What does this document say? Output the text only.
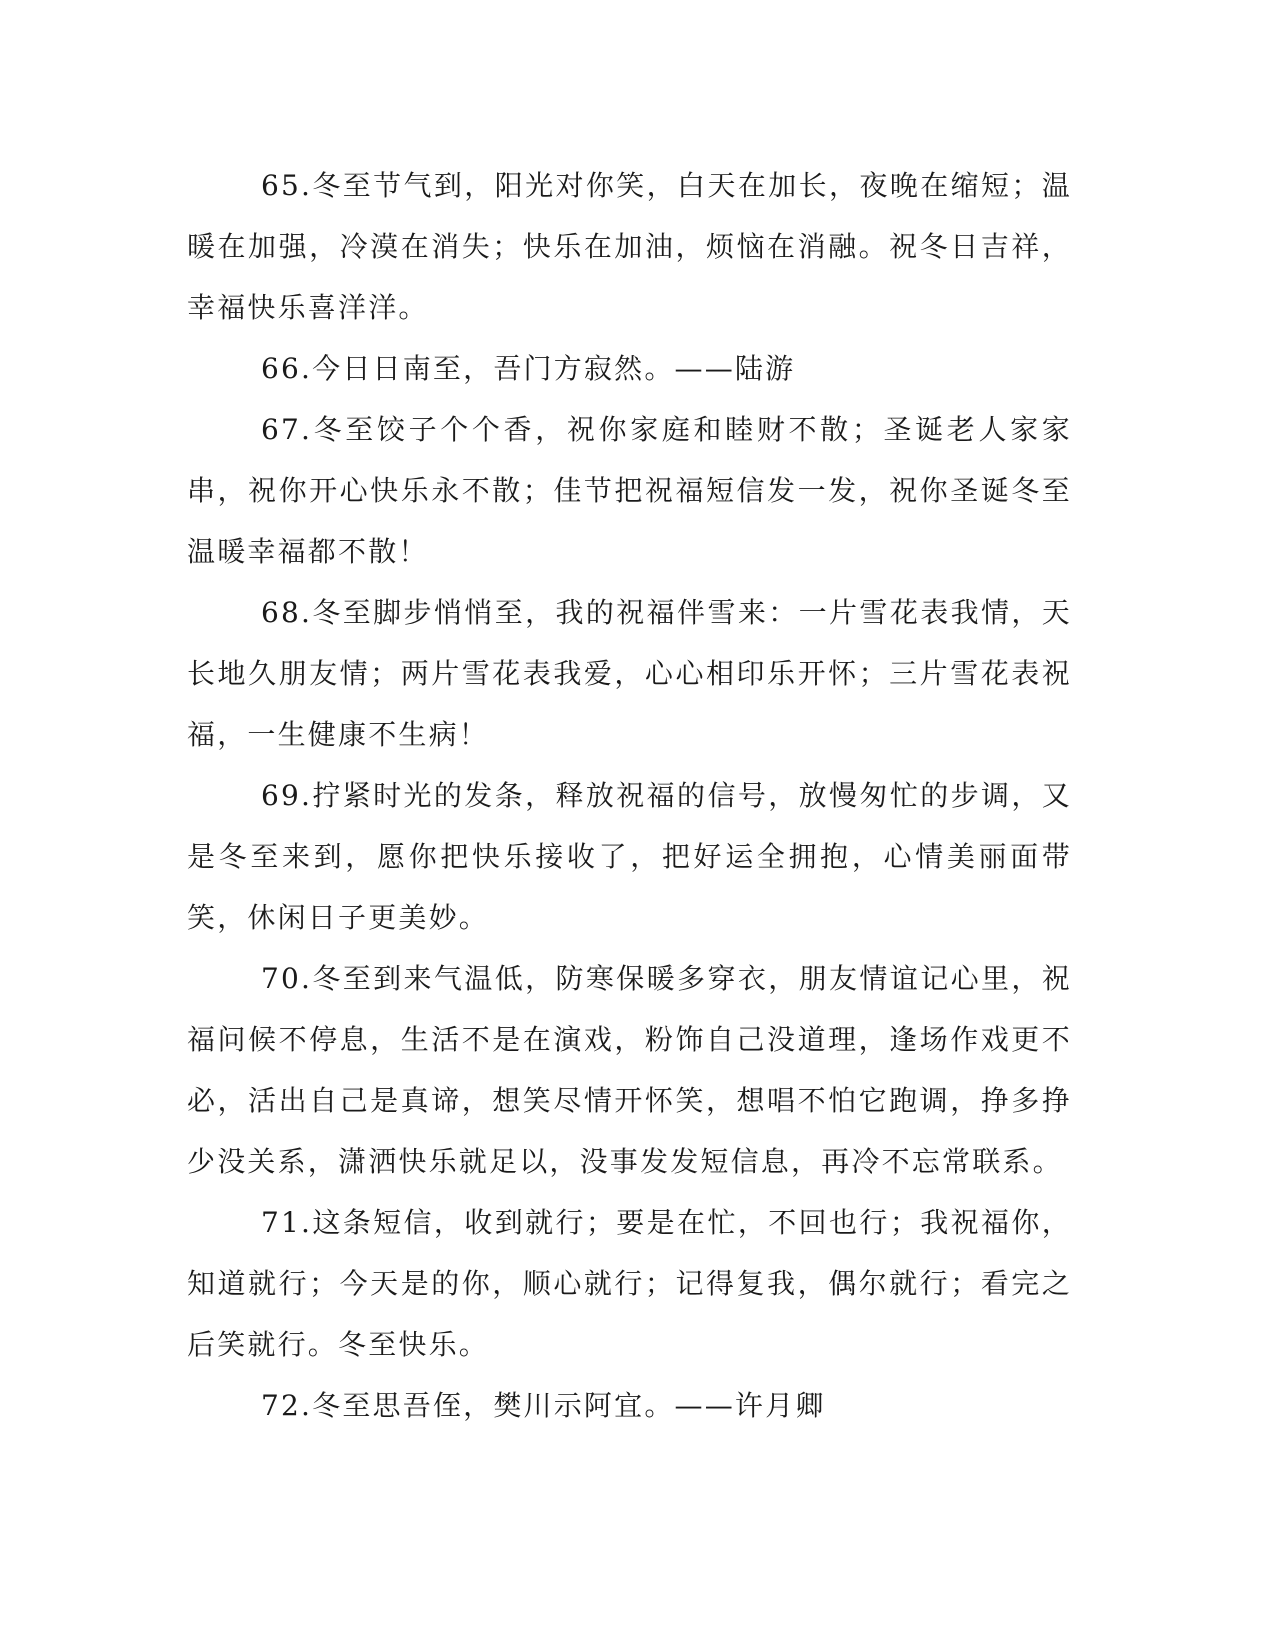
65.冬至节气到，阳光对你笑，白天在加长，夜晚在缩短；温暖在加强，冷漠在消失；快乐在加油，烦恼在消融。祝冬日吉祥，幸福快乐喜洋洋。

66.今日日南至，吾门方寂然。——陆游

67.冬至饺子个个香，祝你家庭和睦财不散；圣诞老人家家串，祝你开心快乐永不散；佳节把祝福短信发一发，祝你圣诞冬至温暖幸福都不散！

68.冬至脚步悄悄至，我的祝福伴雪来：一片雪花表我情，天长地久朋友情；两片雪花表我爱，心心相印乐开怀；三片雪花表祝福，一生健康不生病！

69.拧紧时光的发条，释放祝福的信号，放慢匆忙的步调，又是冬至来到，愿你把快乐接收了，把好运全拥抱，心情美丽面带笑，休闲日子更美妙。

70.冬至到来气温低，防寒保暖多穿衣，朋友情谊记心里，祝福问候不停息，生活不是在演戏，粉饰自己没道理，逢场作戏更不必，活出自己是真谛，想笑尽情开怀笑，想唱不怕它跑调，挣多挣少没关系，潇洒快乐就足以，没事发发短信息，再冷不忘常联系。

71.这条短信，收到就行；要是在忙，不回也行；我祝福你，知道就行；今天是的你，顺心就行；记得复我，偶尔就行；看完之后笑就行。冬至快乐。

72.冬至思吾侄，樊川示阿宜。——许月卿
